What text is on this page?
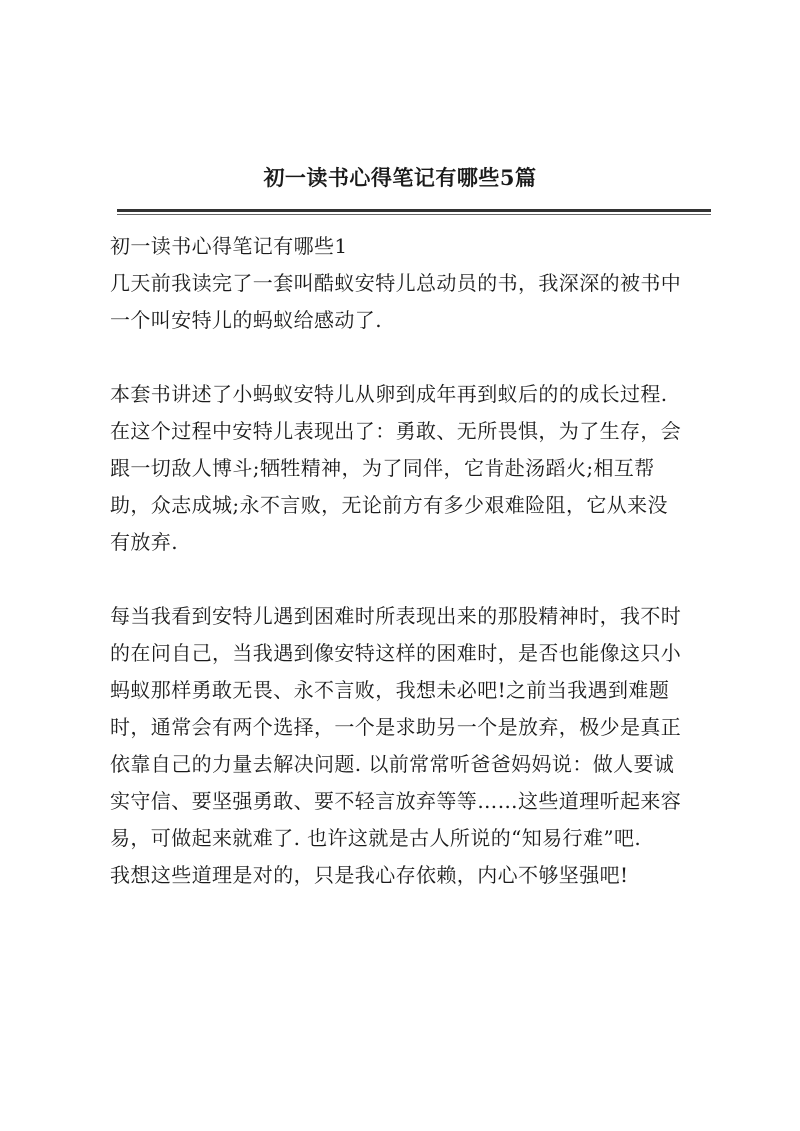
初一读书心得笔记有哪些5篇

初一读书心得笔记有哪些1

几天前我读完了一套叫酷蚁安特儿总动员的书，我深深的被书中

一个叫安特儿的蚂蚁给感动了.

本套书讲述了小蚂蚁安特儿从卵到成年再到蚁后的的成长过程.

在这个过程中安特儿表现出了：勇敢、无所畏惧，为了生存，会

跟一切敌人博斗;牺牲精神，为了同伴，它肯赴汤蹈火;相互帮

助，众志成城;永不言败，无论前方有多少艰难险阻，它从来没

有放弃.

每当我看到安特儿遇到困难时所表现出来的那股精神时，我不时

的在问自己，当我遇到像安特这样的困难时，是否也能像这只小

蚂蚁那样勇敢无畏、永不言败，我想未必吧!之前当我遇到难题

时，通常会有两个选择，一个是求助另一个是放弃，极少是真正

依靠自己的力量去解决问题. 以前常常听爸爸妈妈说：做人要诚

实守信、要坚强勇敢、要不轻言放弃等等……这些道理听起来容

易，可做起来就难了. 也许这就是古人所说的“知易行难”吧.

我想这些道理是对的，只是我心存依赖，内心不够坚强吧!
